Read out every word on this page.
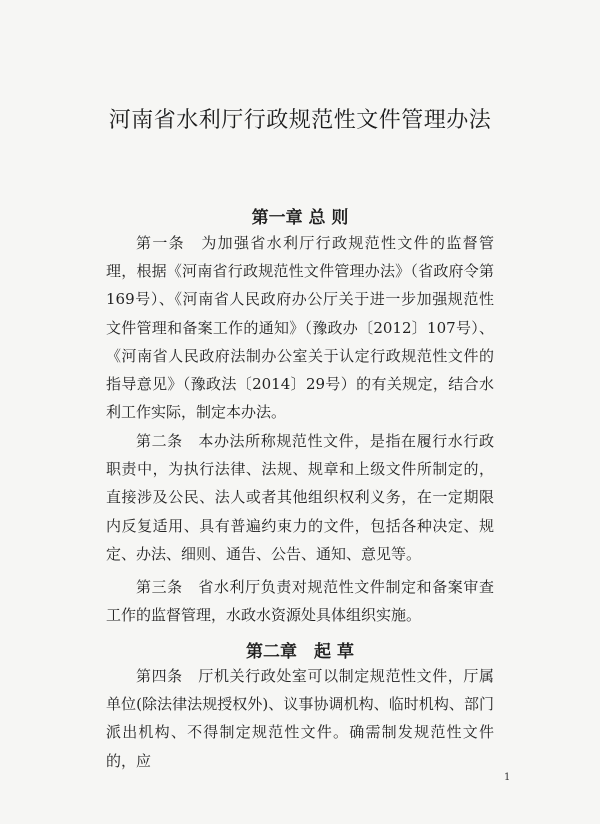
河南省水利厅行政规范性文件管理办法
第一章 总 则
第一条　为加强省水利厅行政规范性文件的监督管理，根据《河南省行政规范性文件管理办法》（省政府令第169号）、《河南省人民政府办公厅关于进一步加强规范性文件管理和备案工作的通知》（豫政办〔2012〕107号）、《河南省人民政府法制办公室关于认定行政规范性文件的指导意见》（豫政法〔2014〕29号）的有关规定，结合水利工作实际，制定本办法。
第二条　本办法所称规范性文件，是指在履行水行政职责中，为执行法律、法规、规章和上级文件所制定的，直接涉及公民、法人或者其他组织权利义务，在一定期限内反复适用、具有普遍约束力的文件，包括各种决定、规定、办法、细则、通告、公告、通知、意见等。
第三条　省水利厅负责对规范性文件制定和备案审查工作的监督管理，水政水资源处具体组织实施。
第二章　起 草
第四条　厅机关行政处室可以制定规范性文件，厅属单位(除法律法规授权外)、议事协调机构、临时机构、部门派出机构、不得制定规范性文件。确需制发规范性文件的，应
1
